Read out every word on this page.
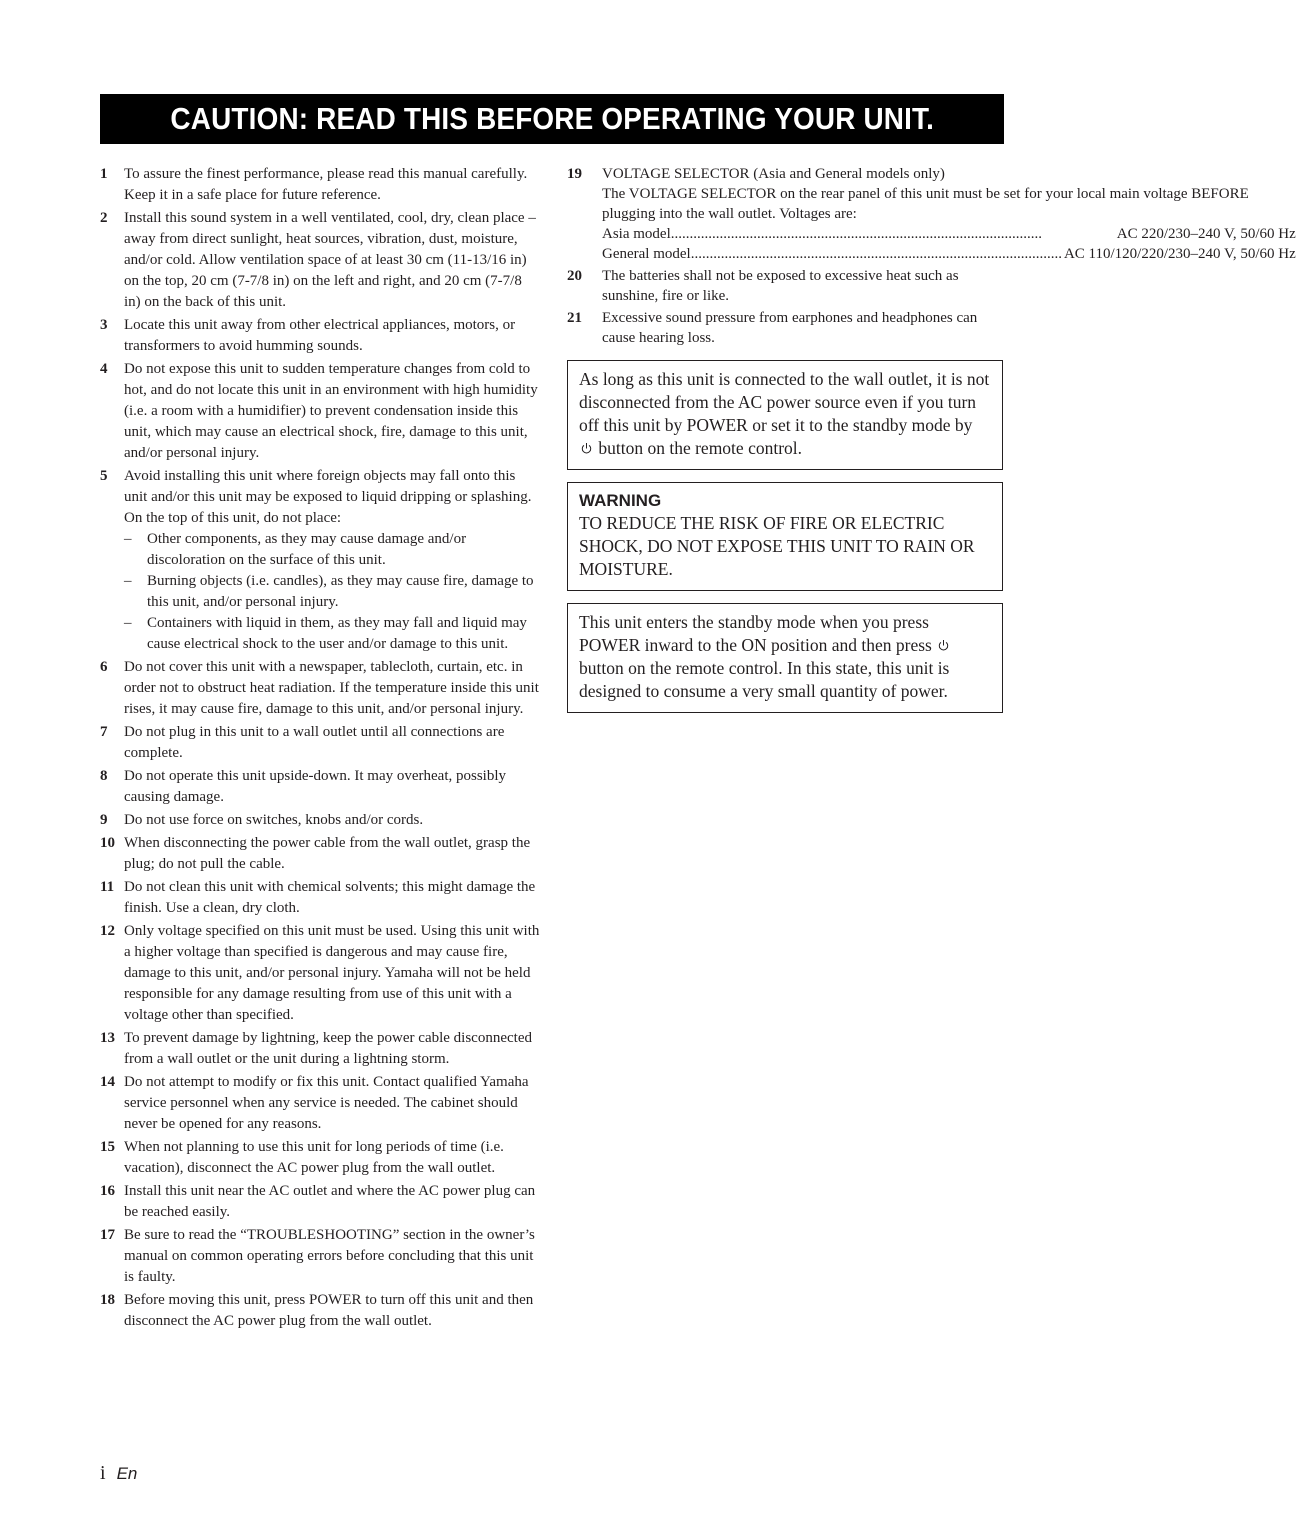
CAUTION: READ THIS BEFORE OPERATING YOUR UNIT.
1	To assure the finest performance, please read this manual carefully. Keep it in a safe place for future reference.
2	Install this sound system in a well ventilated, cool, dry, clean place – away from direct sunlight, heat sources, vibration, dust, moisture, and/or cold. Allow ventilation space of at least 30 cm (11-13/16 in) on the top, 20 cm (7-7/8 in) on the left and right, and 20 cm (7-7/8 in) on the back of this unit.
3	Locate this unit away from other electrical appliances, motors, or transformers to avoid humming sounds.
4	Do not expose this unit to sudden temperature changes from cold to hot, and do not locate this unit in an environment with high humidity (i.e. a room with a humidifier) to prevent condensation inside this unit, which may cause an electrical shock, fire, damage to this unit, and/or personal injury.
5	Avoid installing this unit where foreign objects may fall onto this unit and/or this unit may be exposed to liquid dripping or splashing. On the top of this unit, do not place:
–	Other components, as they may cause damage and/or discoloration on the surface of this unit.
–	Burning objects (i.e. candles), as they may cause fire, damage to this unit, and/or personal injury.
–	Containers with liquid in them, as they may fall and liquid may cause electrical shock to the user and/or damage to this unit.
6	Do not cover this unit with a newspaper, tablecloth, curtain, etc. in order not to obstruct heat radiation. If the temperature inside this unit rises, it may cause fire, damage to this unit, and/or personal injury.
7	Do not plug in this unit to a wall outlet until all connections are complete.
8	Do not operate this unit upside-down. It may overheat, possibly causing damage.
9	Do not use force on switches, knobs and/or cords.
10 When disconnecting the power cable from the wall outlet, grasp the plug; do not pull the cable.
11 Do not clean this unit with chemical solvents; this might damage the finish. Use a clean, dry cloth.
12 Only voltage specified on this unit must be used. Using this unit with a higher voltage than specified is dangerous and may cause fire, damage to this unit, and/or personal injury. Yamaha will not be held responsible for any damage resulting from use of this unit with a voltage other than specified.
13 To prevent damage by lightning, keep the power cable disconnected from a wall outlet or the unit during a lightning storm.
14 Do not attempt to modify or fix this unit. Contact qualified Yamaha service personnel when any service is needed. The cabinet should never be opened for any reasons.
15 When not planning to use this unit for long periods of time (i.e. vacation), disconnect the AC power plug from the wall outlet.
16 Install this unit near the AC outlet and where the AC power plug can be reached easily.
17 Be sure to read the “TROUBLESHOOTING” section in the owner’s manual on common operating errors before concluding that this unit is faulty.
18 Before moving this unit, press POWER to turn off this unit and then disconnect the AC power plug from the wall outlet.
19	VOLTAGE SELECTOR (Asia and General models only)
The VOLTAGE SELECTOR on the rear panel of this unit must be set for your local main voltage BEFORE plugging into the wall outlet. Voltages are:
Asia model .....	AC 220/230–240 V, 50/60 Hz
General model .....	AC 110/120/220/230–240 V, 50/60 Hz
20	The batteries shall not be exposed to excessive heat such as sunshine, fire or like.
21	Excessive sound pressure from earphones and headphones can cause hearing loss.
As long as this unit is connected to the wall outlet, it is not disconnected from the AC power source even if you turn off this unit by POWER or set it to the standby mode by  button on the remote control.
WARNING
TO REDUCE THE RISK OF FIRE OR ELECTRIC SHOCK, DO NOT EXPOSE THIS UNIT TO RAIN OR MOISTURE.
This unit enters the standby mode when you press POWER inward to the ON position and then press  button on the remote control. In this state, this unit is designed to consume a very small quantity of power.
i En
